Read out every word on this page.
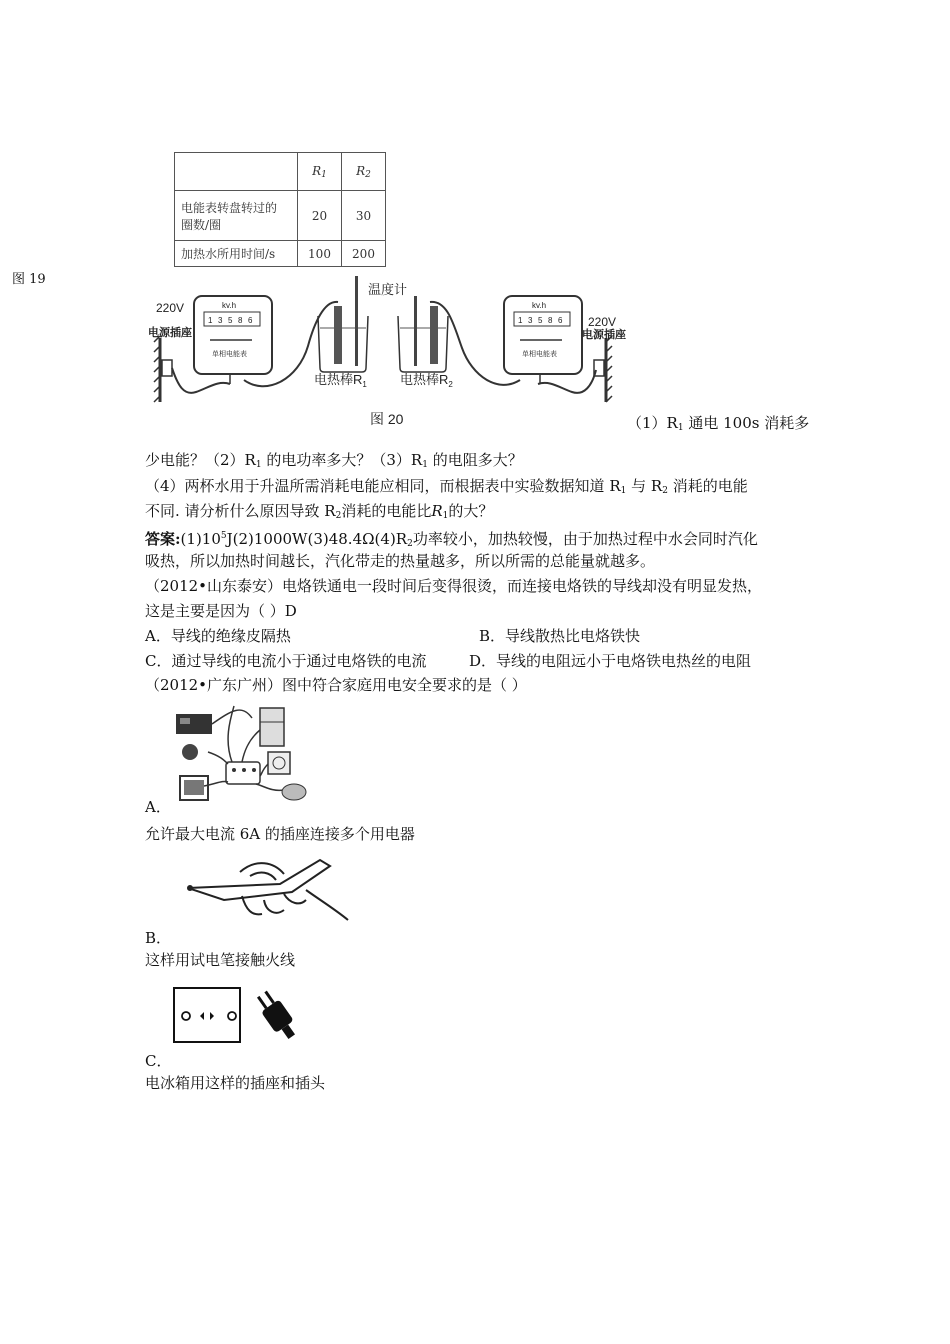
	$R_1$	$R_2$
电能表转盘转过的
圈数/圈	20	30
加热水所用时间/s	100	200
图 19
220V
电源插座
kv.h
1 3 5 8 6
单相电能表
电热棒$R_1$
温度计
电热棒$R_2$
kv.h
1 3 5 8 6
单相电能表
220V
电源插座
图 20	$(1)R_1$ 通电 100s 消耗多
少电能？$(2)R_1$ 的电功率多大？$(3)R_1$ 的电阻多大？
（4）两杯水用于升温所需消耗电能应相同，而根据表中实验数据知道 $R_1$ 与 $R_2$ 消耗的电能
不同. 请分析什么原因导致 $R_2$消耗的电能比$R_1$的大？
答案$:(1)10^5J(2)1000W(3)48.4\Omega(4)R_2$功率较小，加热较慢，由于加热过程中水会同时汽化
吸热，所以加热时间越长，汽化带走的热量越多，所以所需的总能量就越多。
（2012•山东泰安）电烙铁通电一段时间后变得很烫，而连接电烙铁的导线却没有明显发热，
这是主要是因为（ ）D
A．导线的绝缘皮隔热	B．导线散热比电烙铁快
C．通过导线的电流小于通过电烙铁的电流	D．导线的电阻远小于电烙铁电热丝的电阻
（2012•广东广州）图中符合家庭用电安全要求的是（ ）
A．
允许最大电流 6A 的插座连接多个用电器
B．
这样用试电笔接触火线
C．
电冰箱用这样的插座和插头
